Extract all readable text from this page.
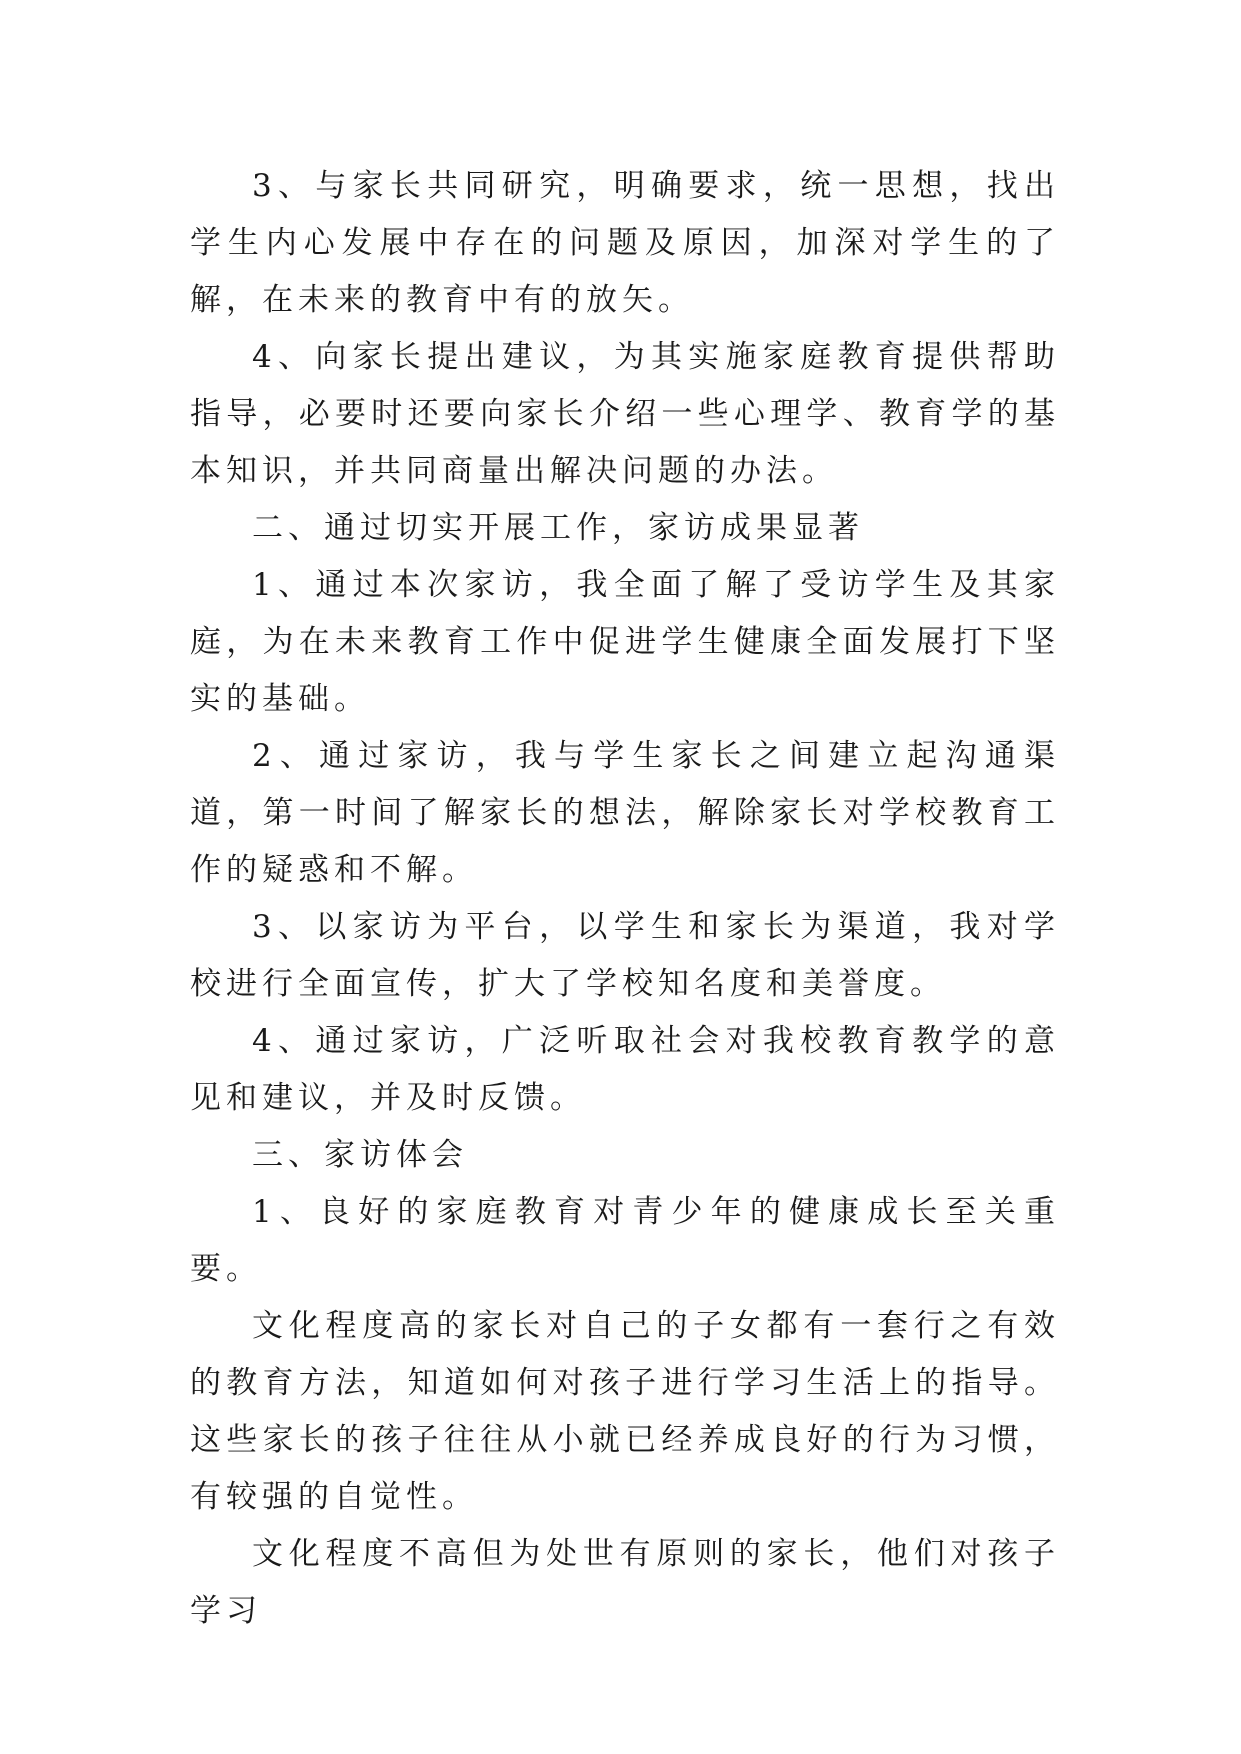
3、与家长共同研究，明确要求，统一思想，找出学生内心发展中存在的问题及原因，加深对学生的了解，在未来的教育中有的放矢。

4、向家长提出建议，为其实施家庭教育提供帮助指导，必要时还要向家长介绍一些心理学、教育学的基本知识，并共同商量出解决问题的办法。

二、通过切实开展工作，家访成果显著

1、通过本次家访，我全面了解了受访学生及其家庭，为在未来教育工作中促进学生健康全面发展打下坚实的基础。

2、通过家访，我与学生家长之间建立起沟通渠道，第一时间了解家长的想法，解除家长对学校教育工作的疑惑和不解。

3、以家访为平台，以学生和家长为渠道，我对学校进行全面宣传，扩大了学校知名度和美誉度。

4、通过家访，广泛听取社会对我校教育教学的意见和建议，并及时反馈。

三、家访体会

1、良好的家庭教育对青少年的健康成长至关重要。

文化程度高的家长对自己的子女都有一套行之有效的教育方法，知道如何对孩子进行学习生活上的指导。这些家长的孩子往往从小就已经养成良好的行为习惯，有较强的自觉性。

文化程度不高但为处世有原则的家长，他们对孩子学习
